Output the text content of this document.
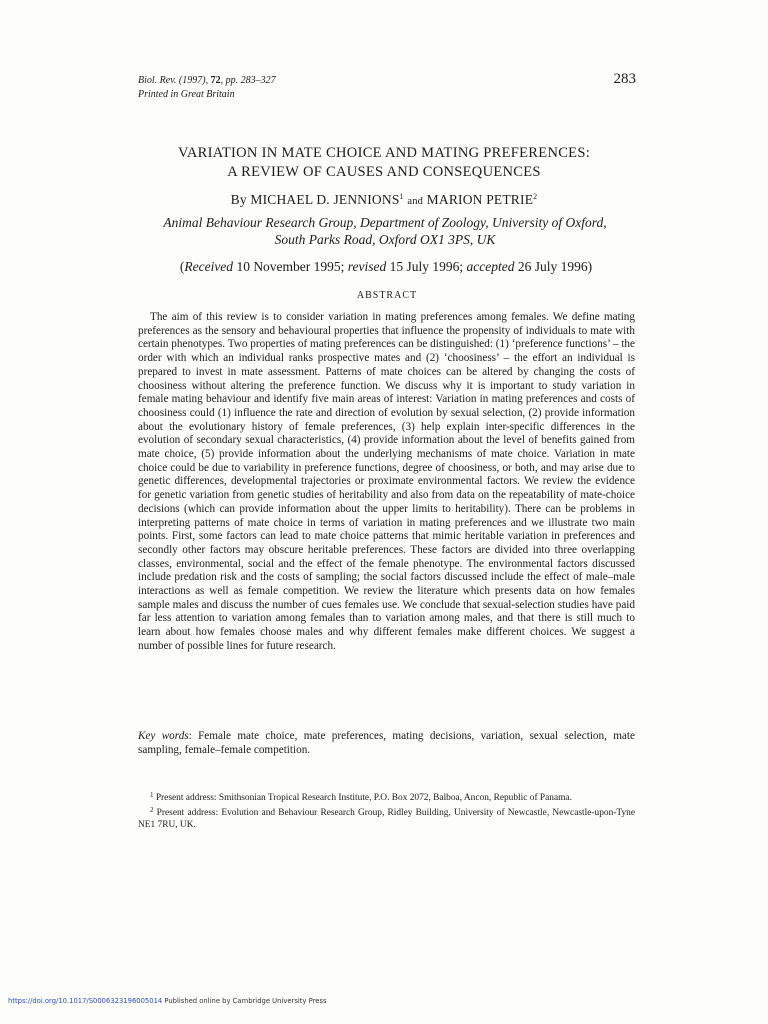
Biol. Rev. (1997), 72, pp. 283–327
Printed in Great Britain
283
VARIATION IN MATE CHOICE AND MATING PREFERENCES:
A REVIEW OF CAUSES AND CONSEQUENCES
By MICHAEL D. JENNIONS$^1$ and MARION PETRIE$^2$
Animal Behaviour Research Group, Department of Zoology, University of Oxford,
South Parks Road, Oxford OX1 3PS, UK
(Received 10 November 1995; revised 15 July 1996; accepted 26 July 1996)
ABSTRACT
The aim of this review is to consider variation in mating preferences among females. We define mating preferences as the sensory and behavioural properties that influence the propensity of individuals to mate with certain phenotypes. Two properties of mating preferences can be distinguished: (1) ‘preference functions’ – the order with which an individual ranks prospective mates and (2) ‘choosiness’ – the effort an individual is prepared to invest in mate assessment. Patterns of mate choices can be altered by changing the costs of choosiness without altering the preference function. We discuss why it is important to study variation in female mating behaviour and identify five main areas of interest: Variation in mating preferences and costs of choosiness could (1) influence the rate and direction of evolution by sexual selection, (2) provide information about the evolutionary history of female preferences, (3) help explain inter-specific differences in the evolution of secondary sexual characteristics, (4) provide information about the level of benefits gained from mate choice, (5) provide information about the underlying mechanisms of mate choice. Variation in mate choice could be due to variability in preference functions, degree of choosiness, or both, and may arise due to genetic differences, developmental trajectories or proximate environmental factors. We review the evidence for genetic variation from genetic studies of heritability and also from data on the repeatability of mate-choice decisions (which can provide information about the upper limits to heritability). There can be problems in interpreting patterns of mate choice in terms of variation in mating preferences and we illustrate two main points. First, some factors can lead to mate choice patterns that mimic heritable variation in preferences and secondly other factors may obscure heritable preferences. These factors are divided into three overlapping classes, environmental, social and the effect of the female phenotype. The environmental factors discussed include predation risk and the costs of sampling; the social factors discussed include the effect of male–male interactions as well as female competition. We review the literature which presents data on how females sample males and discuss the number of cues females use. We conclude that sexual-selection studies have paid far less attention to variation among females than to variation among males, and that there is still much to learn about how females choose males and why different females make different choices. We suggest a number of possible lines for future research.
Key words: Female mate choice, mate preferences, mating decisions, variation, sexual selection, mate sampling, female–female competition.

$^1$ Present address: Smithsonian Tropical Research Institute, P.O. Box 2072, Balboa, Ancon, Republic of Panama.

$^2$ Present address: Evolution and Behaviour Research Group, Ridley Building, University of Newcastle, Newcastle-upon-Tyne NE1 7RU, UK.

https://doi.org/10.1017/S0006323196005014 Published online by Cambridge University Press
